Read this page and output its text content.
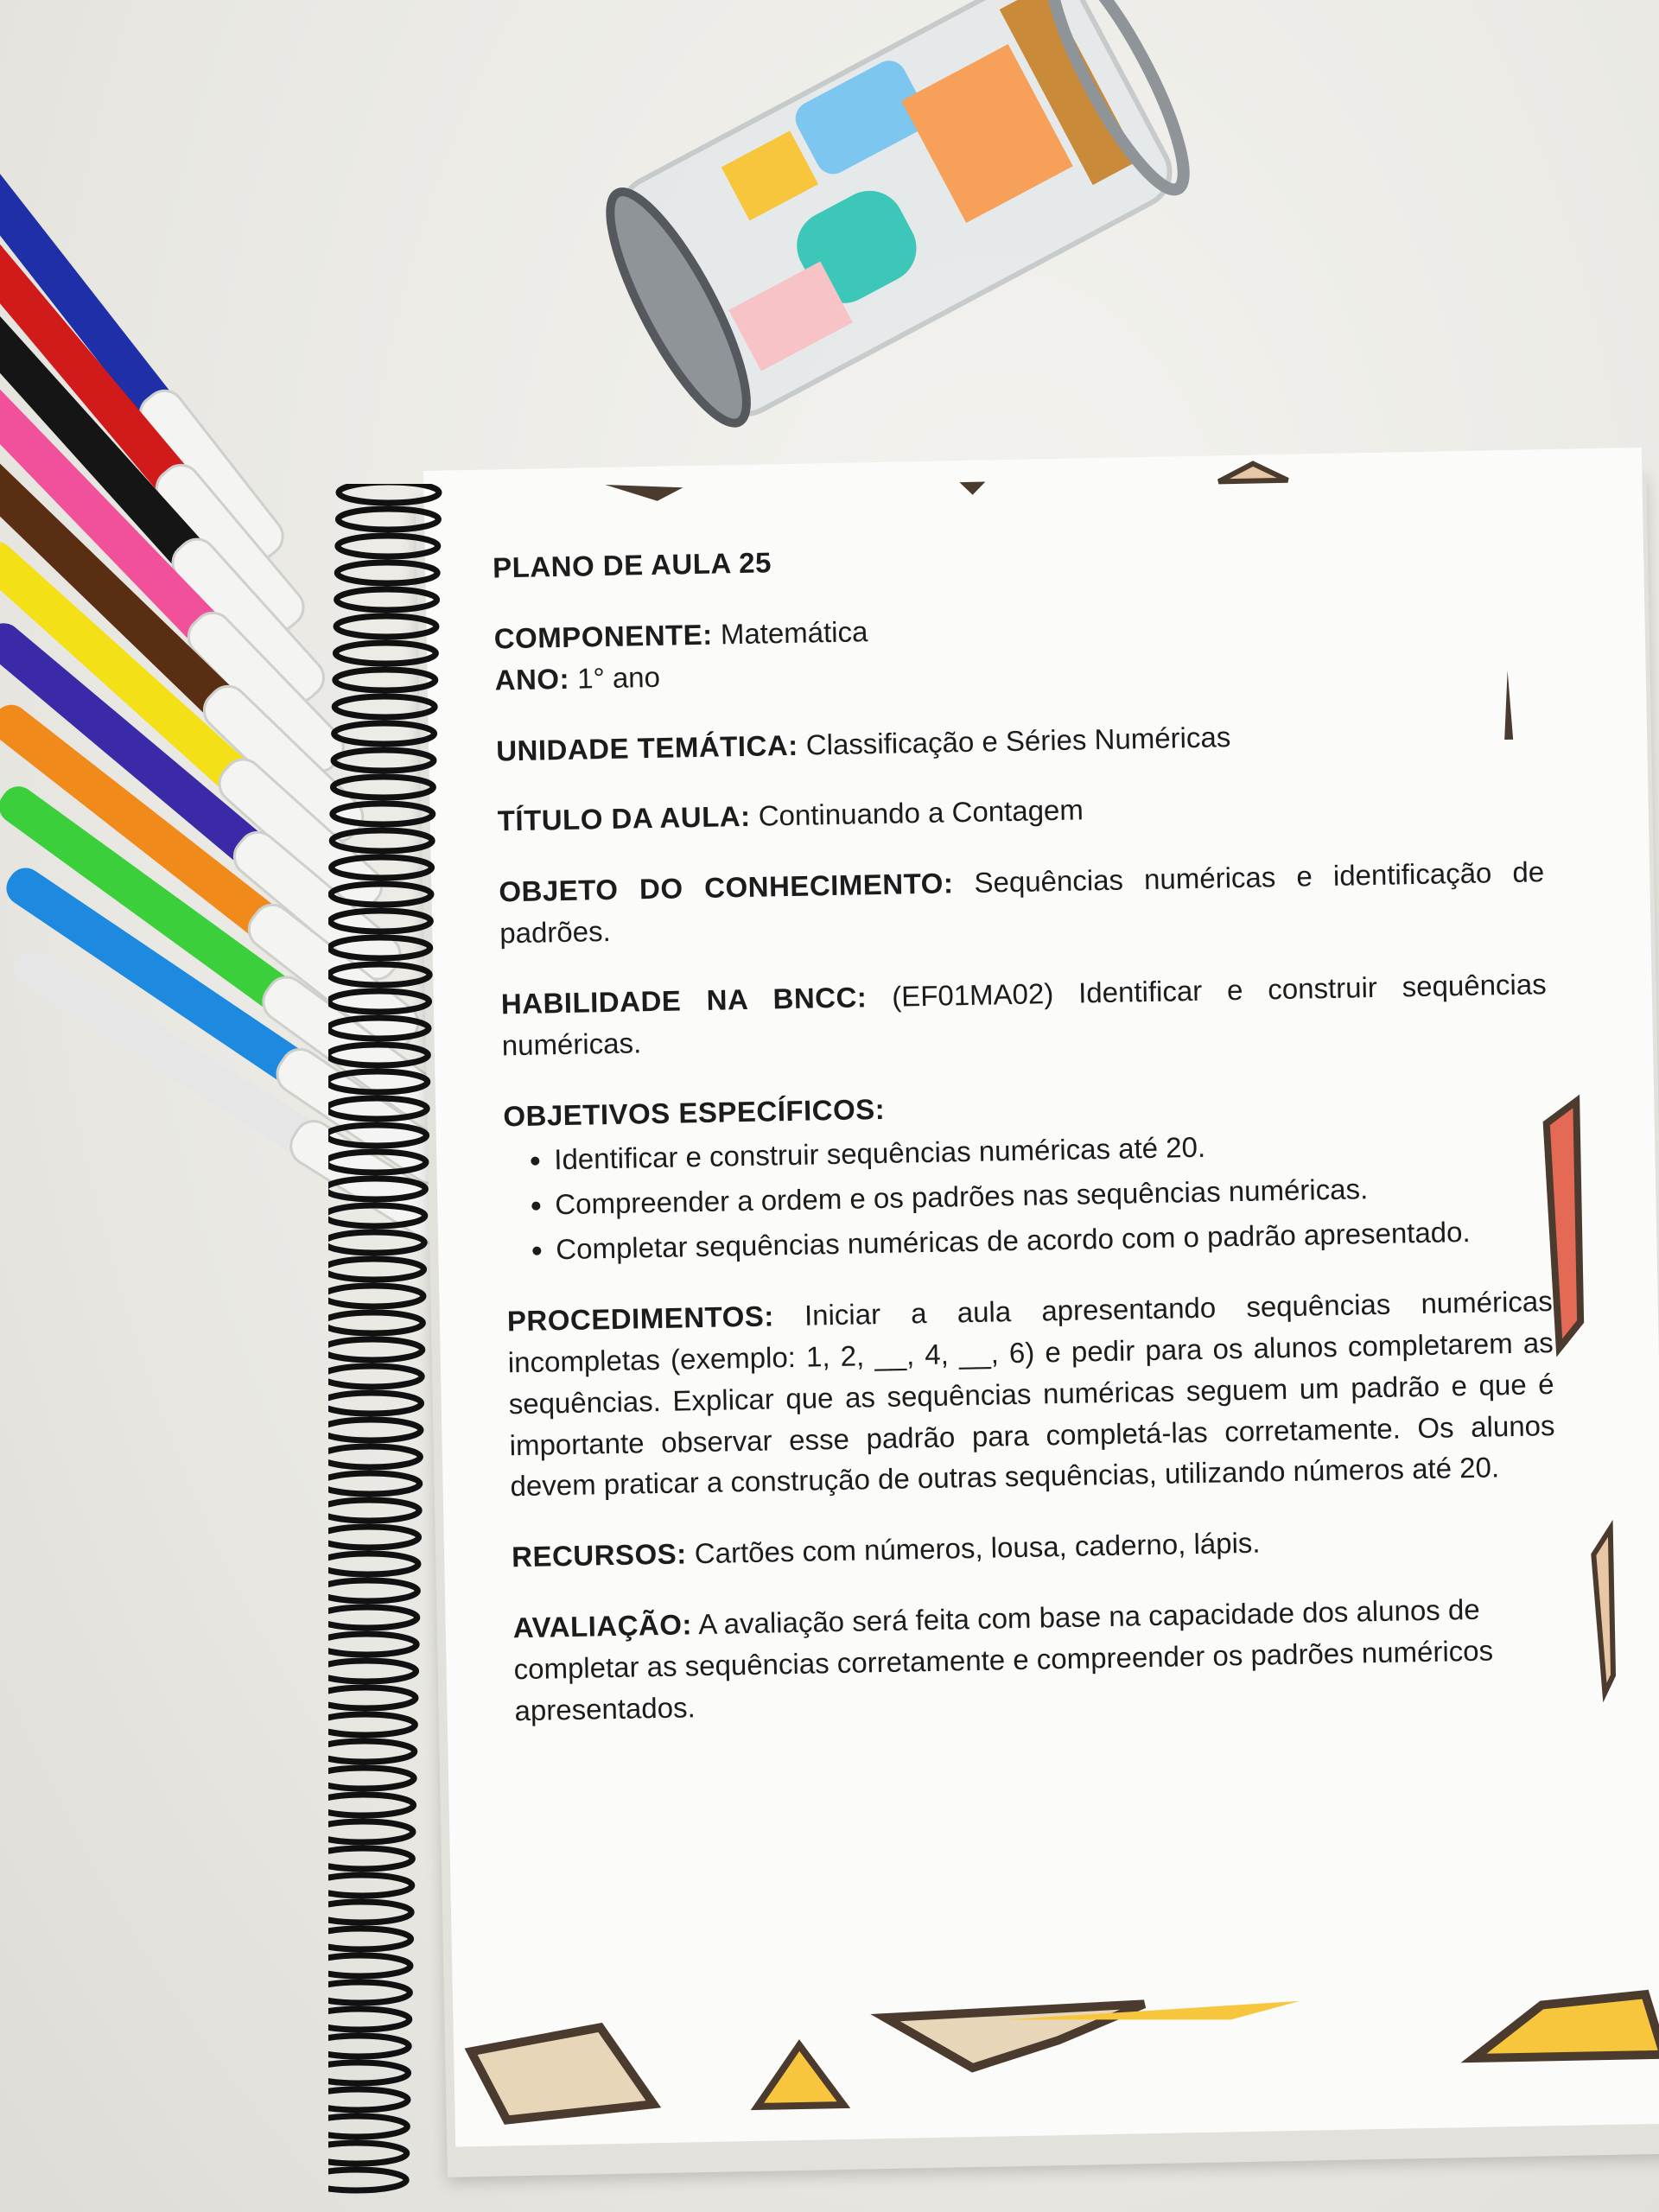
PLANO DE AULA 25
COMPONENTE: Matemática
ANO: 1° ano
UNIDADE TEMÁTICA: Classificação e Séries Numéricas
TÍTULO DA AULA: Continuando a Contagem
OBJETO DO CONHECIMENTO: Sequências numéricas e identificação de padrões.
HABILIDADE NA BNCC: (EF01MA02) Identificar e construir sequências numéricas.
OBJETIVOS ESPECÍFICOS:
• Identificar e construir sequências numéricas até 20.
• Compreender a ordem e os padrões nas sequências numéricas.
• Completar sequências numéricas de acordo com o padrão apresentado.
PROCEDIMENTOS: Iniciar a aula apresentando sequências numéricas incompletas (exemplo: 1, 2, __, 4, __, 6) e pedir para os alunos completarem as sequências. Explicar que as sequências numéricas seguem um padrão e que é importante observar esse padrão para completá-las corretamente. Os alunos devem praticar a construção de outras sequências, utilizando números até 20.
RECURSOS: Cartões com números, lousa, caderno, lápis.
AVALIAÇÃO: A avaliação será feita com base na capacidade dos alunos de completar as sequências corretamente e compreender os padrões numéricos apresentados.
